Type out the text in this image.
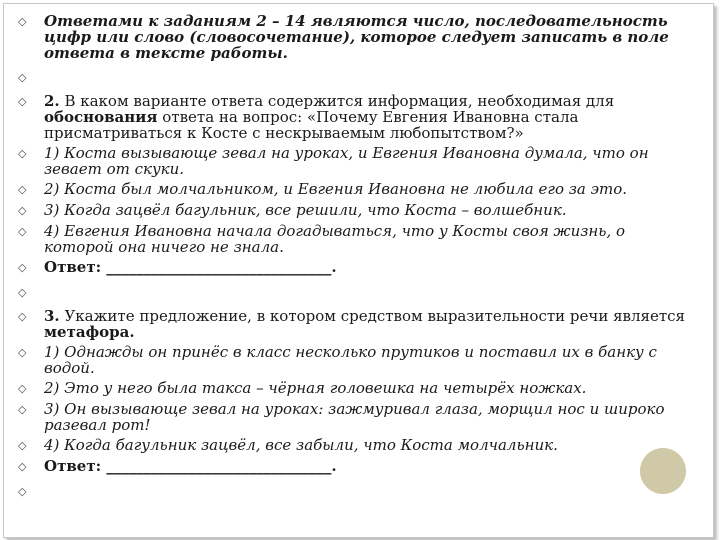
◇	Ответами к заданиям 2 – 14 являются число, последовательность цифр или слово (словосочетание), которое следует записать в поле ответа в тексте работы.
◇
◇	2. В каком варианте ответа содержится информация, необходимая для обоснования ответа на вопрос: «Почему Евгения Ивановна стала присматриваться к Косте с нескрываемым любопытством?»
◇	1) Коста вызывающе зевал на уроках, и Евгения Ивановна думала, что он зевает от скуки.
◇	2) Коста был молчальником, и Евгения Ивановна не любила его за это.
◇	3) Когда зацвёл багульник, все решили, что Коста – волшебник.
◇	4) Евгения Ивановна начала догадываться, что у Косты своя жизнь, о которой она ничего не знала.
◇	Ответ: ______________________________.
◇
◇	3. Укажите предложение, в котором средством выразительности речи является метафора.
◇	1) Однажды он принёс в класс несколько прутиков и поставил их в банку с водой.
◇	2) Это у него была такса – чёрная головешка на четырёх ножках.
◇	3) Он вызывающе зевал на уроках: зажмуривал глаза, морщил нос и широко разевал рот!
◇	4) Когда багульник зацвёл, все забыли, что Коста молчальник.
◇	Ответ: ______________________________.
◇
